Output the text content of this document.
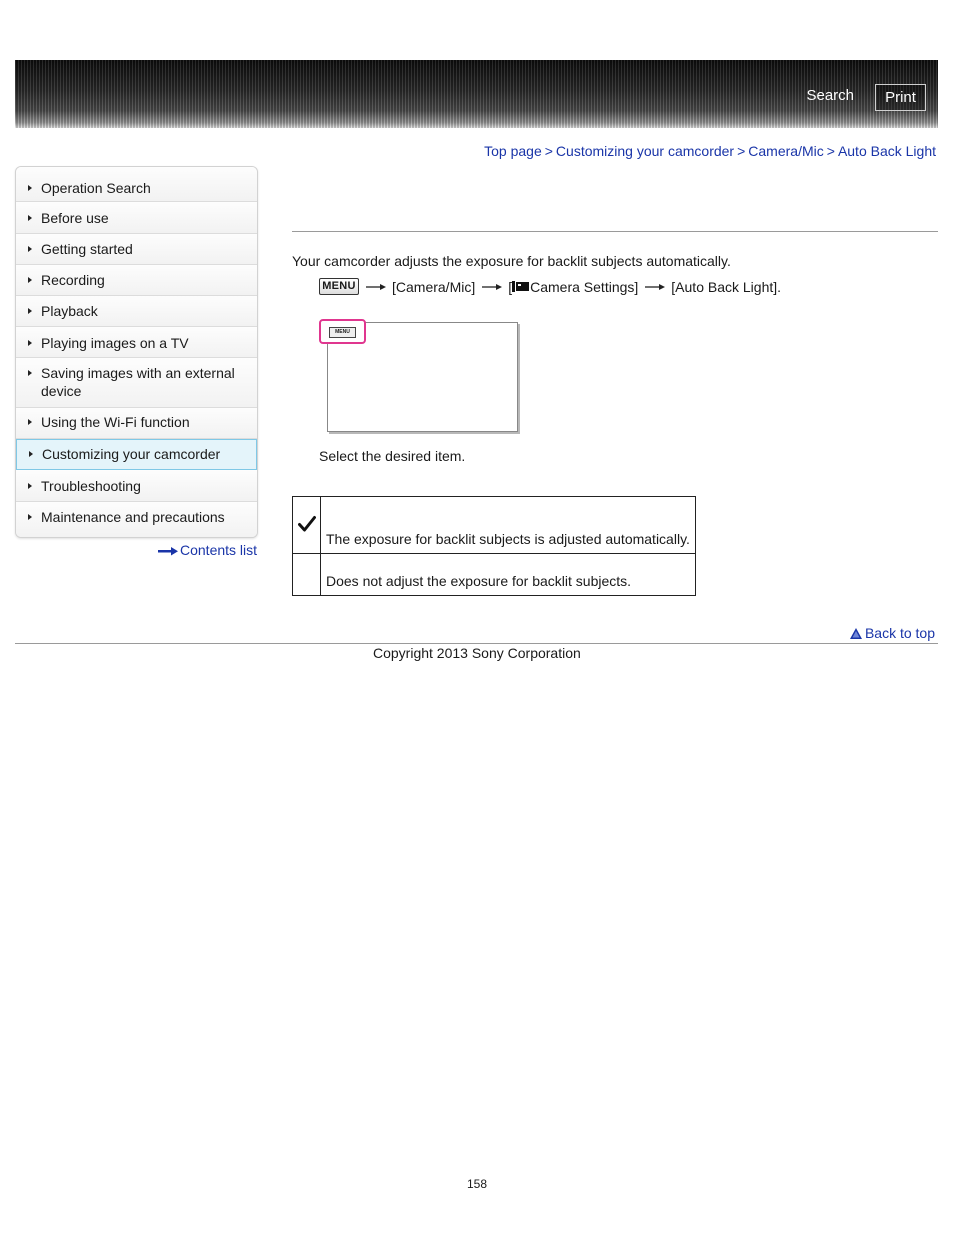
Search	Print
Top page > Customizing your camcorder > Camera/Mic > Auto Back Light
Operation Search
Before use
Getting started
Recording
Playback
Playing images on a TV
Saving images with an external device
Using the Wi-Fi function
Customizing your camcorder
Troubleshooting
Maintenance and precautions
Contents list
Your camcorder adjusts the exposure for backlit subjects automatically.
MENU	[Camera/Mic] [ Camera Settings] [Auto Back Light].
MENU
Select the desired item.
	The exposure for backlit subjects is adjusted automatically.
	Does not adjust the exposure for backlit subjects.
Back to top
Copyright 2013 Sony Corporation
158
